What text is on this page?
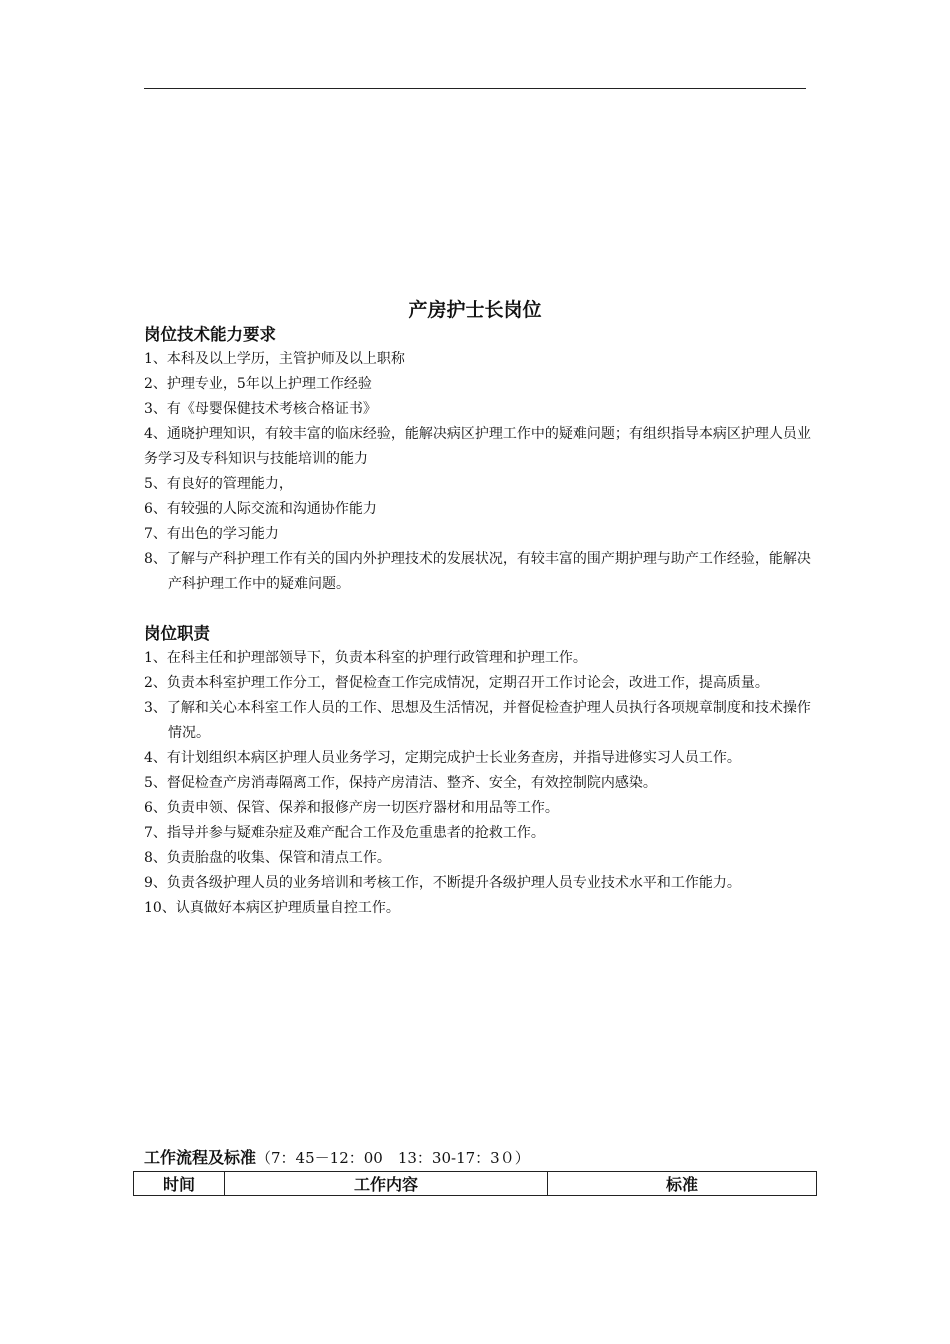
产房护士长岗位
岗位技术能力要求
1、本科及以上学历，主管护师及以上职称
2、护理专业，5年以上护理工作经验
3、有《母婴保健技术考核合格证书》
4、通晓护理知识，有较丰富的临床经验，能解决病区护理工作中的疑难问题；有组织指导本病区护理人员业务学习及专科知识与技能培训的能力
5、有良好的管理能力，
6、有较强的人际交流和沟通协作能力
7、有出色的学习能力
8、了解与产科护理工作有关的国内外护理技术的发展状况，有较丰富的围产期护理与助产工作经验，能解决产科护理工作中的疑难问题。
岗位职责
1、在科主任和护理部领导下，负责本科室的护理行政管理和护理工作。
2、负责本科室护理工作分工，督促检查工作完成情况，定期召开工作讨论会，改进工作，提高质量。
3、了解和关心本科室工作人员的工作、思想及生活情况，并督促检查护理人员执行各项规章制度和技术操作情况。
4、有计划组织本病区护理人员业务学习，定期完成护士长业务查房，并指导进修实习人员工作。
5、督促检查产房消毒隔离工作，保持产房清洁、整齐、安全，有效控制院内感染。
6、负责申领、保管、保养和报修产房一切医疗器材和用品等工作。
7、指导并参与疑难杂症及难产配合工作及危重患者的抢救工作。
8、负责胎盘的收集、保管和清点工作。
9、负责各级护理人员的业务培训和考核工作，不断提升各级护理人员专业技术水平和工作能力。
10、认真做好本病区护理质量自控工作。
工作流程及标准（7：45－12：00　13：30-17：3０）
时间	工作内容	标准
